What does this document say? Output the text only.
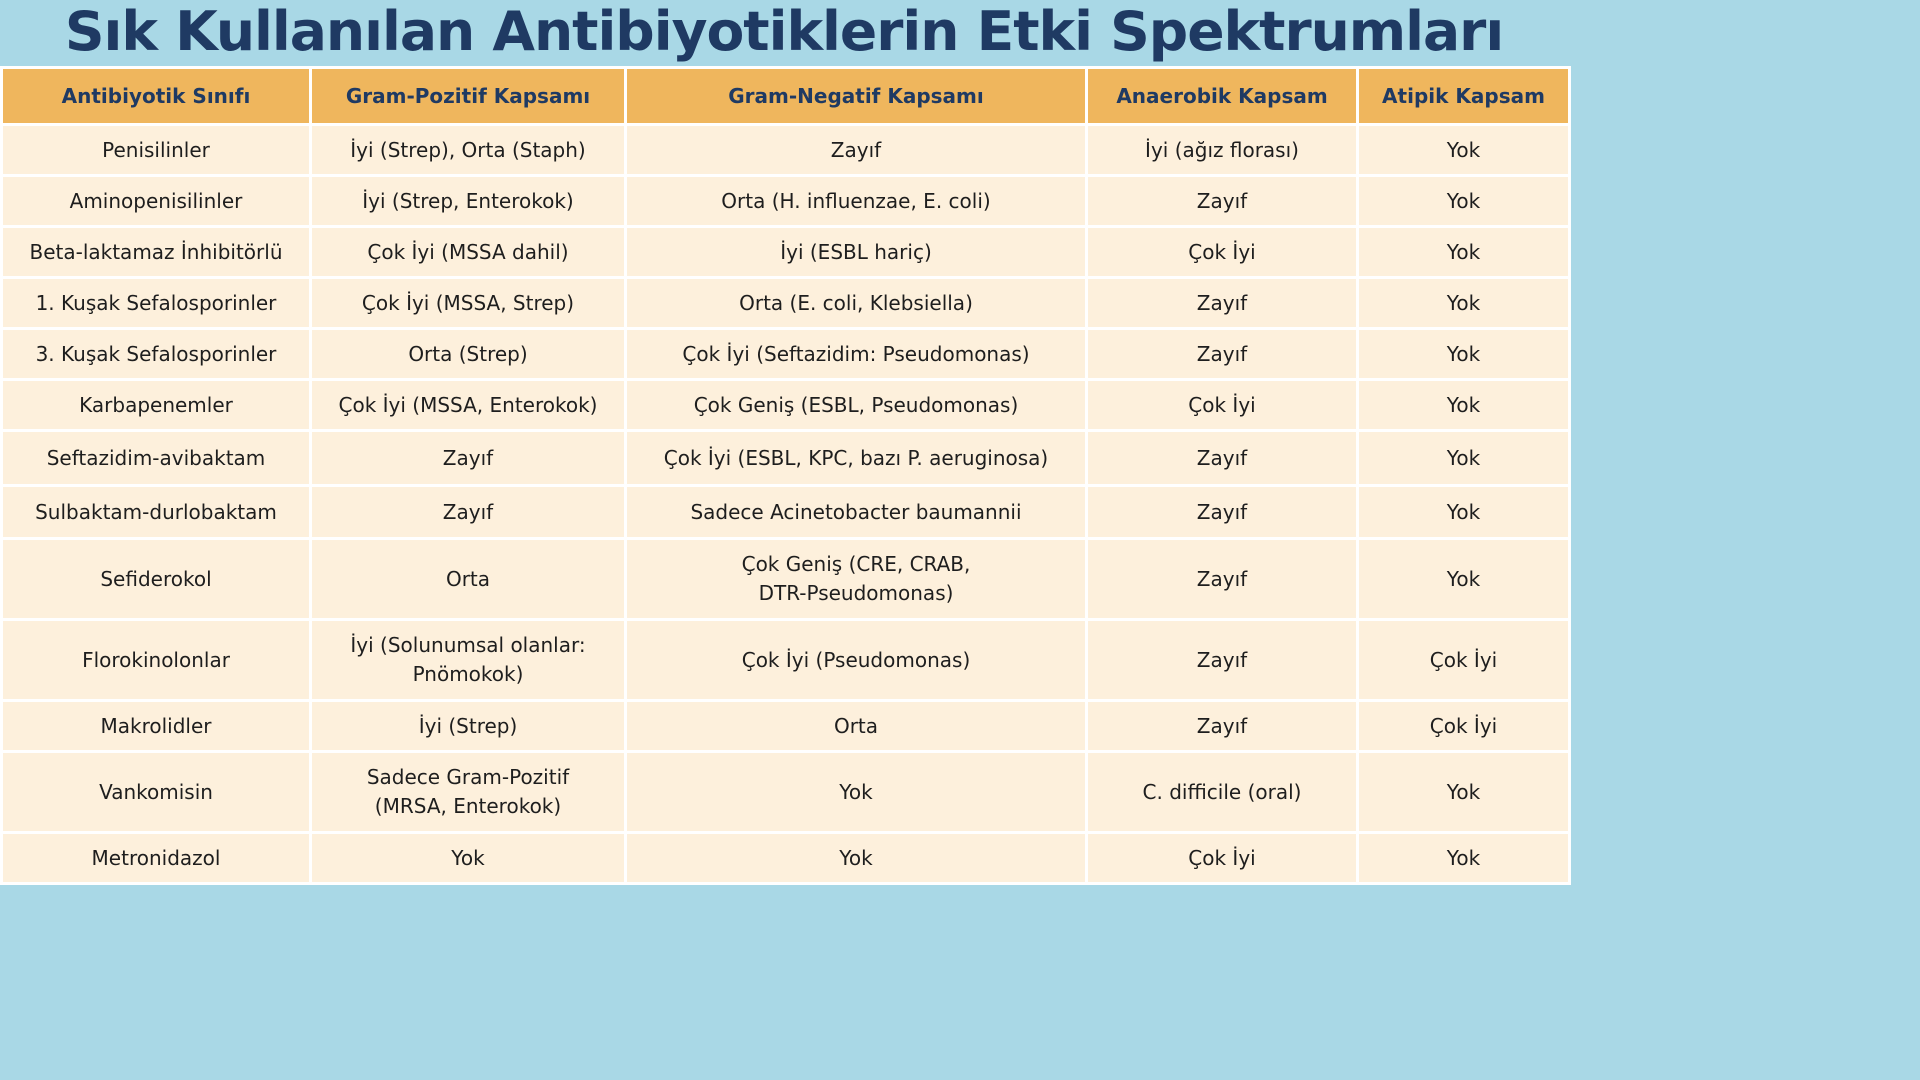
Sık Kullanılan Antibiyotiklerin Etki Spektrumları
Antibiyotik Sınıfı	Gram-Pozitif Kapsamı	Gram-Negatif Kapsamı	Anaerobik Kapsam	Atipik Kapsam
Penisilinler	İyi (Strep), Orta (Staph)	Zayıf	İyi (ağız florası)	Yok
Aminopenisilinler	İyi (Strep, Enterokok)	Orta (H. influenzae, E. coli)	Zayıf	Yok
Beta-laktamaz İnhibitörlü	Çok İyi (MSSA dahil)	İyi (ESBL hariç)	Çok İyi	Yok
1. Kuşak Sefalosporinler	Çok İyi (MSSA, Strep)	Orta (E. coli, Klebsiella)	Zayıf	Yok
3. Kuşak Sefalosporinler	Orta (Strep)	Çok İyi (Seftazidim: Pseudomonas)	Zayıf	Yok
Karbapenemler	Çok İyi (MSSA, Enterokok)	Çok Geniş (ESBL, Pseudomonas)	Çok İyi	Yok
Seftazidim-avibaktam	Zayıf	Çok İyi (ESBL, KPC, bazı P. aeruginosa)	Zayıf	Yok
Sulbaktam-durlobaktam	Zayıf	Sadece Acinetobacter baumannii	Zayıf	Yok
Sefiderokol	Orta	Çok Geniş (CRE, CRAB, DTR-Pseudomonas)	Zayıf	Yok
Florokinolonlar	İyi (Solunumsal olanlar: Pnömokok)	Çok İyi (Pseudomonas)	Zayıf	Çok İyi
Makrolidler	İyi (Strep)	Orta	Zayıf	Çok İyi
Vankomisin	Sadece Gram-Pozitif (MRSA, Enterokok)	Yok	C. difficile (oral)	Yok
Metronidazol	Yok	Yok	Çok İyi	Yok
